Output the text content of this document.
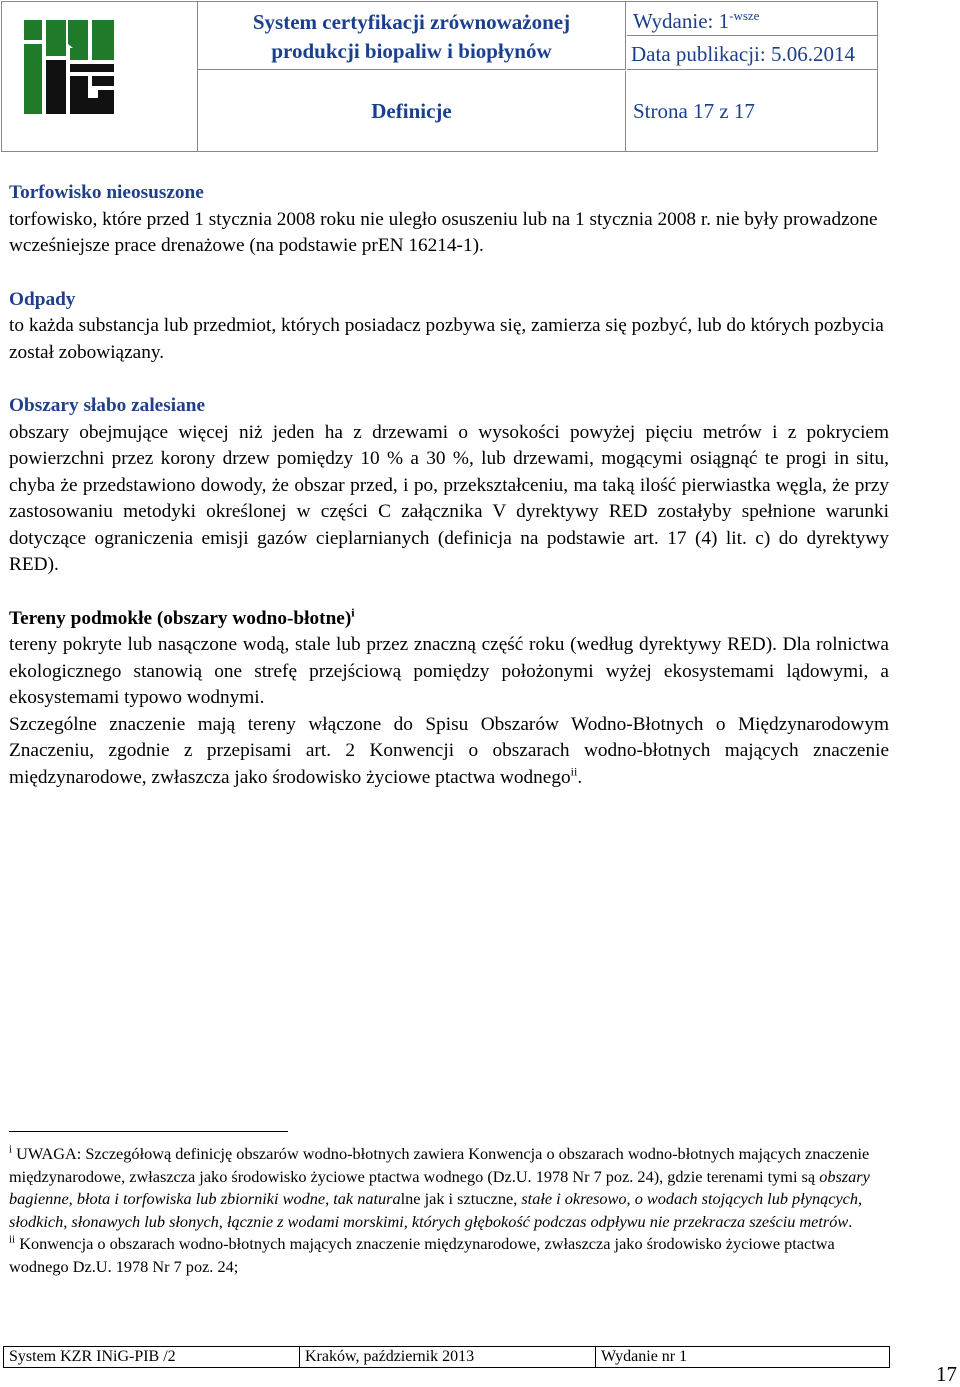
System certyfikacji zrównoważonej
produkcji biopaliw i biopłynów
Wydanie: $1^{-wsze}$
Data publikacji: 5.06.2014
Definicje	Strona 17 z 17

Torfowisko nieosuszone

torfowisko, które przed 1 stycznia 2008 roku nie uległo osuszeniu lub na 1 stycznia 2008 r. nie były prowadzone wcześniejsze prace drenażowe (na podstawie prEN 16214-1).

Odpady

to każda substancja lub przedmiot, których posiadacz pozbywa się, zamierza się pozbyć, lub do których pozbycia został zobowiązany.

Obszary słabo zalesiane

obszary obejmujące więcej niż jeden ha z drzewami o wysokości powyżej pięciu metrów i z pokryciem powierzchni przez korony drzew pomiędzy 10 % a 30 %, lub drzewami, mogącymi osiągnąć te progi in situ, chyba że przedstawiono dowody, że obszar przed, i po, przekształceniu, ma taką ilość pierwiastka węgla, że przy zastosowaniu metodyki określonej w części C załącznika V dyrektywy RED zostałyby spełnione warunki dotyczące ograniczenia emisji gazów cieplarnianych (definicja na podstawie art. 17 (4) lit. c) do dyrektywy RED).

Tereny podmokłe (obszary wodno-błotne)$^i$

tereny pokryte lub nasączone wodą, stale lub przez znaczną część roku (według dyrektywy RED). Dla rolnictwa ekologicznego stanowią one strefę przejściową pomiędzy położonymi wyżej ekosystemami lądowymi, a ekosystemami typowo wodnymi.

Szczególne znaczenie mają tereny włączone do Spisu Obszarów Wodno-Błotnych o Międzynarodowym Znaczeniu, zgodnie z przepisami art. 2 Konwencji o obszarach wodno-błotnych mających znaczenie międzynarodowe, zwłaszcza jako środowisko życiowe ptactwa wodnego$^{ii}$.

$^i$ UWAGA: Szczegółową definicję obszarów wodno-błotnych zawiera Konwencja o obszarach wodno-błotnych mających znaczenie międzynarodowe, zwłaszcza jako środowisko życiowe ptactwa wodnego (Dz.U. 1978 Nr 7 poz. 24), gdzie terenami tymi są obszary bagienne, błota i torfowiska lub zbiorniki wodne, tak naturalne jak i sztuczne, stałe i okresowo, o wodach stojących lub płynących, słodkich, słonawych lub słonych, łącznie z wodami morskimi, których głębokość podczas odpływu nie przekracza sześciu metrów.

$^{ii}$ Konwencja o obszarach wodno-błotnych mających znaczenie międzynarodowe, zwłaszcza jako środowisko życiowe ptactwa wodnego Dz.U. 1978 Nr 7 poz. 24;

System KZR INiG-PIB /2	Kraków, październik 2013	Wydanie nr 1
17
